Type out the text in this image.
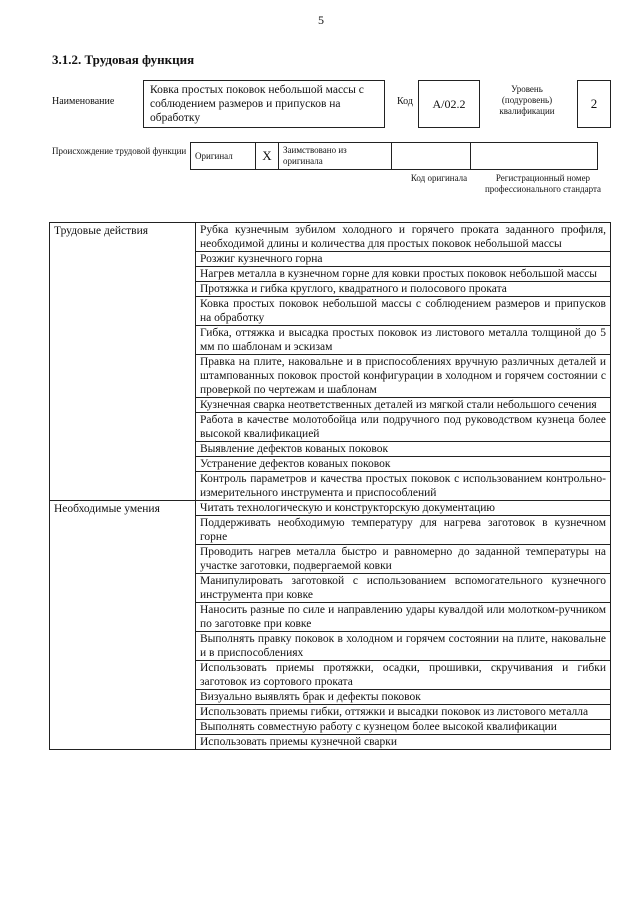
5
3.1.2. Трудовая функция
Наименование
Ковка простых поковок небольшой массы с соблюдением размеров и припусков на обработку
Код	A/02.2
Уровень (подуровень) квалификации	2
Происхождение трудовой функции Оригинал	X	Заимствовано из оригинала
Код оригинала	Регистрационный номер профессионального стандарта
Трудовые действия	Рубка кузнечным зубилом холодного и горячего проката заданного профиля, необходимой длины и количества для простых поковок небольшой массы
	Розжиг кузнечного горна
	Нагрев металла в кузнечном горне для ковки простых поковок небольшой массы
	Протяжка и гибка круглого, квадратного и полосового проката
	Ковка простых поковок небольшой массы с соблюдением размеров и припусков на обработку
	Гибка, оттяжка и высадка простых поковок из листового металла толщиной до 5 мм по шаблонам и эскизам
	Правка на плите, наковальне и в приспособлениях вручную различных деталей и штампованных поковок простой конфигурации в холодном и горячем состоянии с проверкой по чертежам и шаблонам
	Кузнечная сварка неответственных деталей из мягкой стали небольшого сечения
	Работа в качестве молотобойца или подручного под руководством кузнеца более высокой квалификацией
	Выявление дефектов кованых поковок
	Устранение дефектов кованых поковок
	Контроль параметров и качества простых поковок с использованием контрольно-измерительного инструмента и приспособлений
Необходимые умения	Читать технологическую и конструкторскую документацию
	Поддерживать необходимую температуру для нагрева заготовок в кузнечном горне
	Проводить нагрев металла быстро и равномерно до заданной температуры на участке заготовки, подвергаемой ковки
	Манипулировать заготовкой с использованием вспомогательного кузнечного инструмента при ковке
	Наносить разные по силе и направлению удары кувалдой или молотком-ручником по заготовке при ковке
	Выполнять правку поковок в холодном и горячем состоянии на плите, наковальне и в приспособлениях
	Использовать приемы протяжки, осадки, прошивки, скручивания и гибки заготовок из сортового проката
	Визуально выявлять брак и дефекты поковок
	Использовать приемы гибки, оттяжки и высадки поковок из листового металла
	Выполнять совместную работу с кузнецом более высокой квалификации
	Использовать приемы кузнечной сварки
